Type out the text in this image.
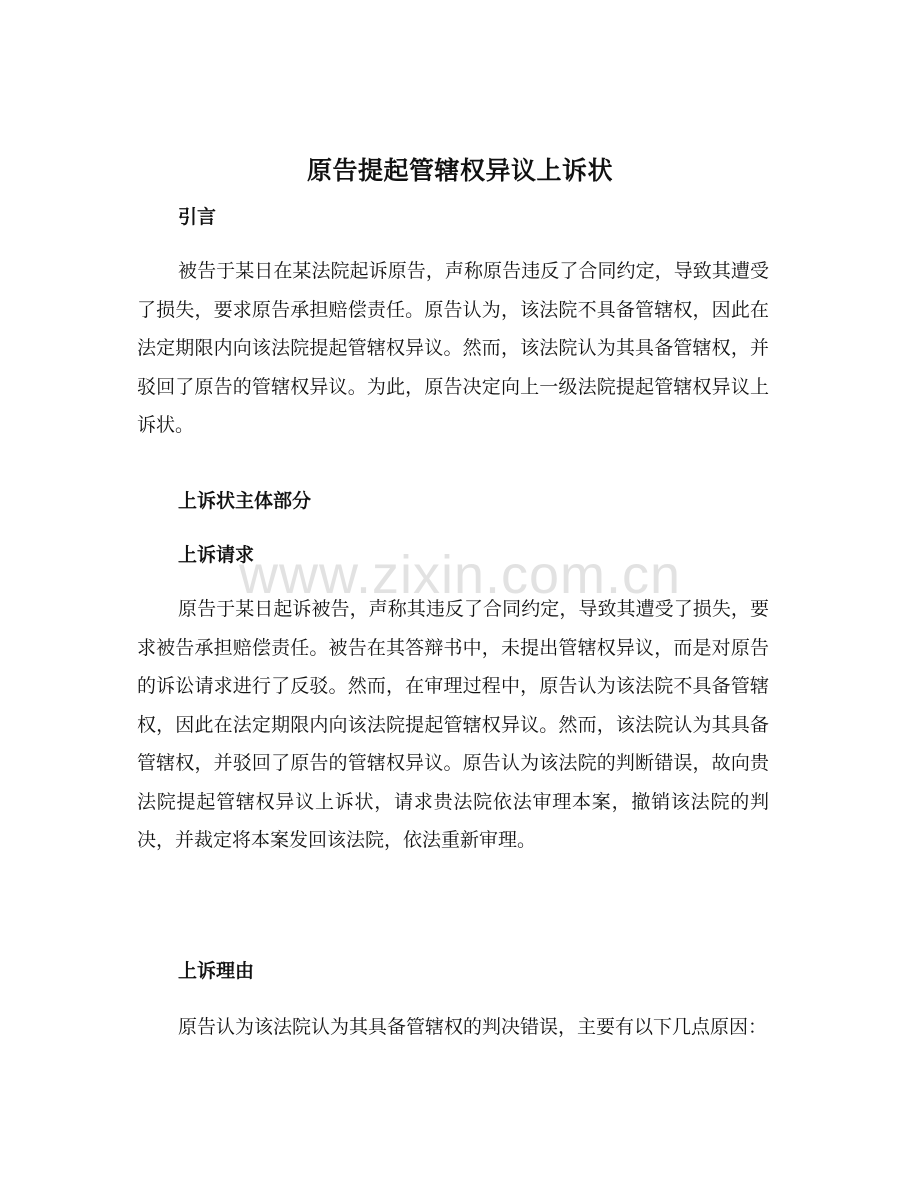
原告提起管辖权异议上诉状
引言

被告于某日在某法院起诉原告，声称原告违反了合同约定，导致其遭受了损失，要求原告承担赔偿责任。原告认为，该法院不具备管辖权，因此在法定期限内向该法院提起管辖权异议。然而，该法院认为其具备管辖权，并驳回了原告的管辖权异议。为此，原告决定向上一级法院提起管辖权异议上诉状。

上诉状主体部分
上诉请求

原告于某日起诉被告，声称其违反了合同约定，导致其遭受了损失，要求被告承担赔偿责任。被告在其答辩书中，未提出管辖权异议，而是对原告的诉讼请求进行了反驳。然而，在审理过程中，原告认为该法院不具备管辖权，因此在法定期限内向该法院提起管辖权异议。然而，该法院认为其具备管辖权，并驳回了原告的管辖权异议。原告认为该法院的判断错误，故向贵法院提起管辖权异议上诉状，请求贵法院依法审理本案，撤销该法院的判决，并裁定将本案发回该法院，依法重新审理。

上诉理由

原告认为该法院认为其具备管辖权的判决错误，主要有以下几点原因：

www.zixin.com.cn
